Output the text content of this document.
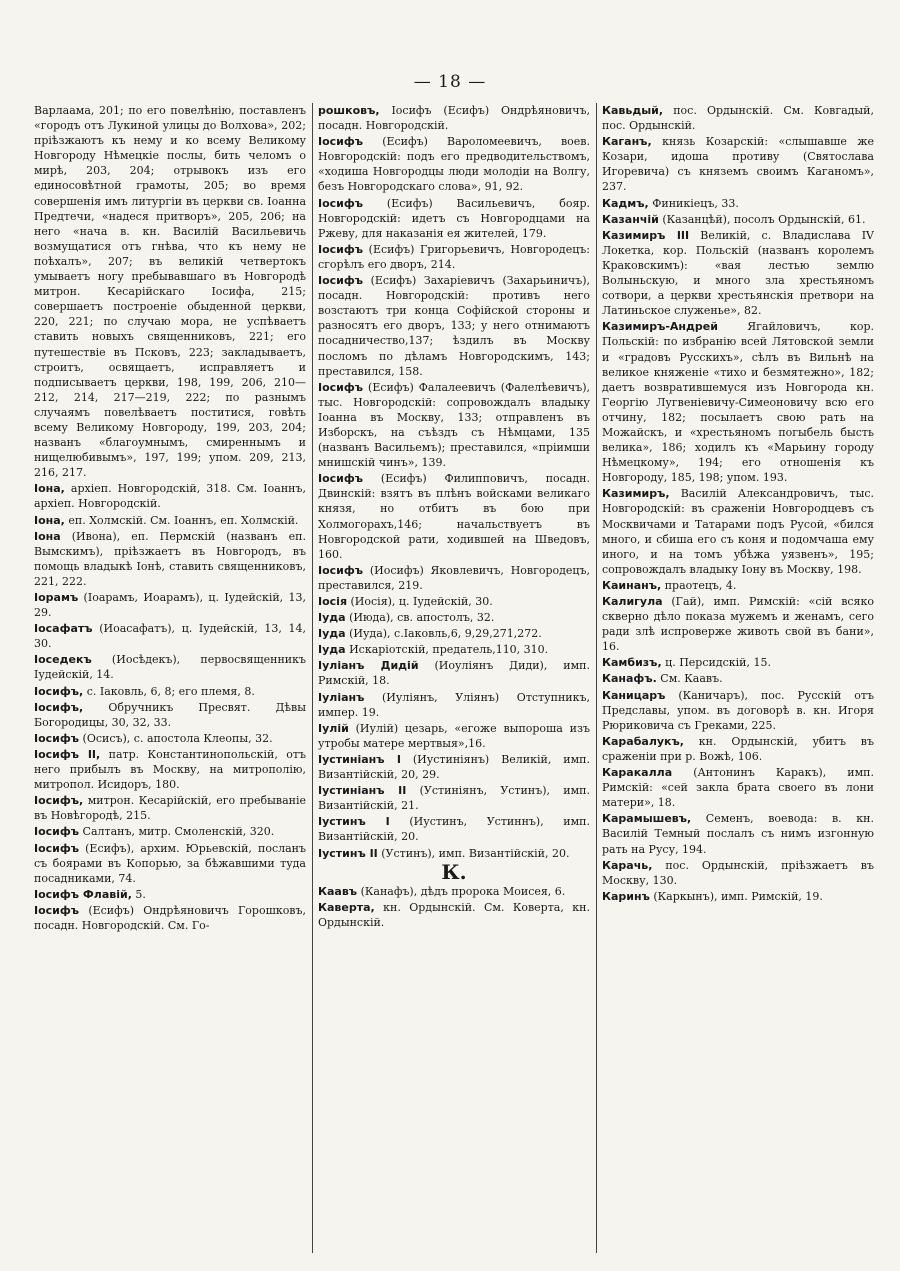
— 18 —
Варлаама, 201; по его повелѣнію, поставленъ «городъ отъ Лукиной улицы до Волхова», 202; пріѣзжаютъ къ нему и ко всему Великому Новгороду Нѣмецкіе послы, бить челомъ о мирѣ, 203, 204; отрывокъ изъ его единосовѣтной грамоты, 205; во время совершенія имъ литургіи въ церкви св. Іоанна Предтечи, «надеся притворъ», 205, 206; на него «нача в. кн. Василій Васильевичь возмущатися отъ гнѣва, что къ нему не поѣхалъ», 207; въ великій четвертокъ умываетъ ногу пребывавшаго въ Новгородѣ митрон. Кесарійскаго Іосифа, 215; совершаетъ построеніе обыденной церкви, 220, 221; по случаю мора, не успѣваетъ ставить новыхъ священниковъ, 221; его путешествіе въ Псковъ, 223; закладываетъ, строитъ, освящаетъ, исправляетъ и подписываетъ церкви, 198, 199, 206, 210—212, 214, 217—219, 222; по разнымъ случаямъ повелѣваетъ поститися, говѣть всему Великому Новгороду, 199, 203, 204; названъ «благоумнымъ, смиреннымъ и нищелюбивымъ», 197, 199; упом. 209, 213, 216, 217.
Іона, архіеп. Новгородскій, 318. См. Іоаннъ, архіеп. Новгородскій.
Іона, еп. Холмскій. См. Іоаннъ, еп. Холмскій.
Іона (Ивона), еп. Пермскій (названъ еп. Вымскимъ), пріѣзжаетъ въ Новгородъ, въ помощь владыкѣ Іонѣ, ставить священниковъ, 221, 222.
Іорамъ (Іоарамъ, Иоарамъ), ц. Іудейскій, 13, 29.
Іосафатъ (Иоасафатъ), ц. Іудейскій, 13, 14, 30.
Іоседекъ (Иосѣдекъ), первосвященникъ Іудейскій, 14.
Іосифъ, с. Іаковль, 6, 8; его племя, 8.
Іосифъ, Обручникъ Пресвят. Дѣвы Богородицы, 30, 32, 33.
Іосифъ (Осисъ), с. апостола Клеопы, 32.
Іосифъ II, патр. Константинопольскій, отъ него прибылъ въ Москву, на митрополію, митропол. Исидоръ, 180.
Іосифъ, митрон. Кесарійскій, его пребываніе въ Новѣгородѣ, 215.
Іосифъ Салтанъ, митр. Смоленскій, 320.
Іосифъ (Есифъ), архим. Юрьевскій, посланъ съ боярами въ Копорью, за бѣжавшими туда посадниками, 74.
Іосифъ Флавій, 5.
Іосифъ (Есифъ) Ондрѣяновичъ Горошковъ, посадн. Новгородскій. См. Го-
рошковъ, Іосифъ (Есифъ) Ондрѣяновичъ, посадн. Новгородскій.
Іосифъ (Есифъ) Вароломеевичъ, воев. Новгородскій: подъ его предводительствомъ, «ходиша Новгородцы люди молодіи на Волгу, безъ Новгородскаго слова», 91, 92.
Іосифъ (Есифъ) Васильевичъ, бояр. Новгородскій: идетъ съ Новгородцами на Ржеву, для наказанія ея жителей, 179.
Іосифъ (Есифъ) Григорьевичъ, Новгородецъ: сгорѣлъ его дворъ, 214.
Іосифъ (Есифъ) Захаріевичъ (Захарьиничъ), посадн. Новгородскій: противъ него возстаютъ три конца Софійской стороны и разносятъ его дворъ, 133; у него отнимаютъ посадничество,137; ѣздилъ въ Москву посломъ по дѣламъ Новгородскимъ, 143; преставился, 158.
Іосифъ (Есифъ) Фалалеевичъ (Фалелѣевичъ), тыс. Новгородскій: сопровождалъ владыку Іоанна въ Москву, 133; отправленъ въ Изборскъ, на съѣздъ съ Нѣмцами, 135 (названъ Васильемъ); преставился, «пріимши мнишскій чинъ», 139.
Іосифъ (Есифъ) Филипповичъ, посадн. Двинскій: взятъ въ плѣнъ войсками великаго князя, но отбитъ въ бою при Холмогорахъ,146; начальствуетъ въ Новгородской рати, ходившей на Шведовъ, 160.
Іосифъ (Иосифъ) Яковлевичъ, Новгородецъ, преставился, 219.
Іосія (Иосія), ц. Іудейскій, 30.
Іуда (Июда), св. апостолъ, 32.
Іуда (Иуда), с.Іаковль,6, 9,29,271,272.
Іуда Искаріотскій, предатель,110, 310.
Іуліанъ Дидій (Иоуліянъ Диди), имп. Римскій, 18.
Іуліанъ (Иуліянъ, Уліянъ) Отступникъ, импер. 19.
Іулій (Иулій) цезарь, «егоже выпороша изъ утробы матере мертвыя»,16.
Іустиніанъ I (Иустиніянъ) Великій, имп. Византійскій, 20, 29.
Іустиніанъ II (Устиніянъ, Устинъ), имп. Византійскій, 21.
Іустинъ I (Иустинъ, Устиннъ), имп. Византійскій, 20.
Іустинъ II (Устинъ), имп. Византійскій, 20.
К.
Каавъ (Канафъ), дѣдъ пророка Моисея, 6.
Каверта, кн. Ордынскій. См. Коверта, кн. Ордынскій.
Кавьдый, пос. Ордынскій. См. Ковгадый, пос. Ордынскій.
Каганъ, князь Козарскій: «слышавше же Козари, идоша противу (Святослава Игоревича) съ княземъ своимъ Каганомъ», 237.
Кадмъ, Финикіецъ, 33.
Казанчій (Казанцѣй), посолъ Ордынскій, 61.
Казимиръ III Великій, с. Владислава IV Локетка, кор. Польскій (названъ королемъ Краковскимъ): «вая лестью землю Волыньскую, и много зла хрестьяномъ сотвори, а церкви хрестьянскія претвори на Латиньское служенье», 82.
Казимиръ-Андрей Ягайловичъ, кор. Польскій: по избранію всей Лятовской земли и «градовъ Русскихъ», сѣлъ въ Вильнѣ на великое княженіе «тихо и безмятежно», 182; даетъ возвратившемуся изъ Новгорода кн. Георгію Лугвеніевичу-Симеоновичу всю его отчину, 182; посылаетъ свою рать на Можайскъ, и «хрестьяномъ погыбель бысть велика», 186; ходилъ къ «Марьину городу Нѣмецкому», 194; его отношенія къ Новгороду, 185, 198; упом. 193.
Казимиръ, Василій Александровичъ, тыс. Новгородскій: въ сраженіи Новгородцевъ съ Москвичами и Татарами подъ Русой, «бился много, и сбиша его съ коня и подомчаша ему иного, и на томъ убѣжа уязвенъ», 195; сопровождалъ владыку Іону въ Москву, 198.
Каинанъ, праотецъ, 4.
Калигула (Гай), имп. Римскій: «сій всяко скверно дѣло показа мужемъ и женамъ, сего ради злѣ испровержe животь свой въ бани», 16.
Камбизъ, ц. Персидскій, 15.
Канафъ. См. Каавъ.
Каницаръ (Каничаръ), пос. Русскій отъ Предславы, упом. въ договорѣ в. кн. Игоря Рюриковича съ Греками, 225.
Карабалукъ, кн. Ордынскій, убитъ въ сраженіи при р. Вожѣ, 106.
Каракалла (Антонинъ Каракъ), имп. Римскій: «сей закла брата своего въ лони матери», 18.
Карамышевъ, Семенъ, воевода: в. кн. Василій Темный послалъ съ нимъ изгонную рать на Русу, 194.
Карачь, пос. Ордынскій, пріѣзжаетъ въ Москву, 130.
Каринъ (Каркынъ), имп. Римскій, 19.
